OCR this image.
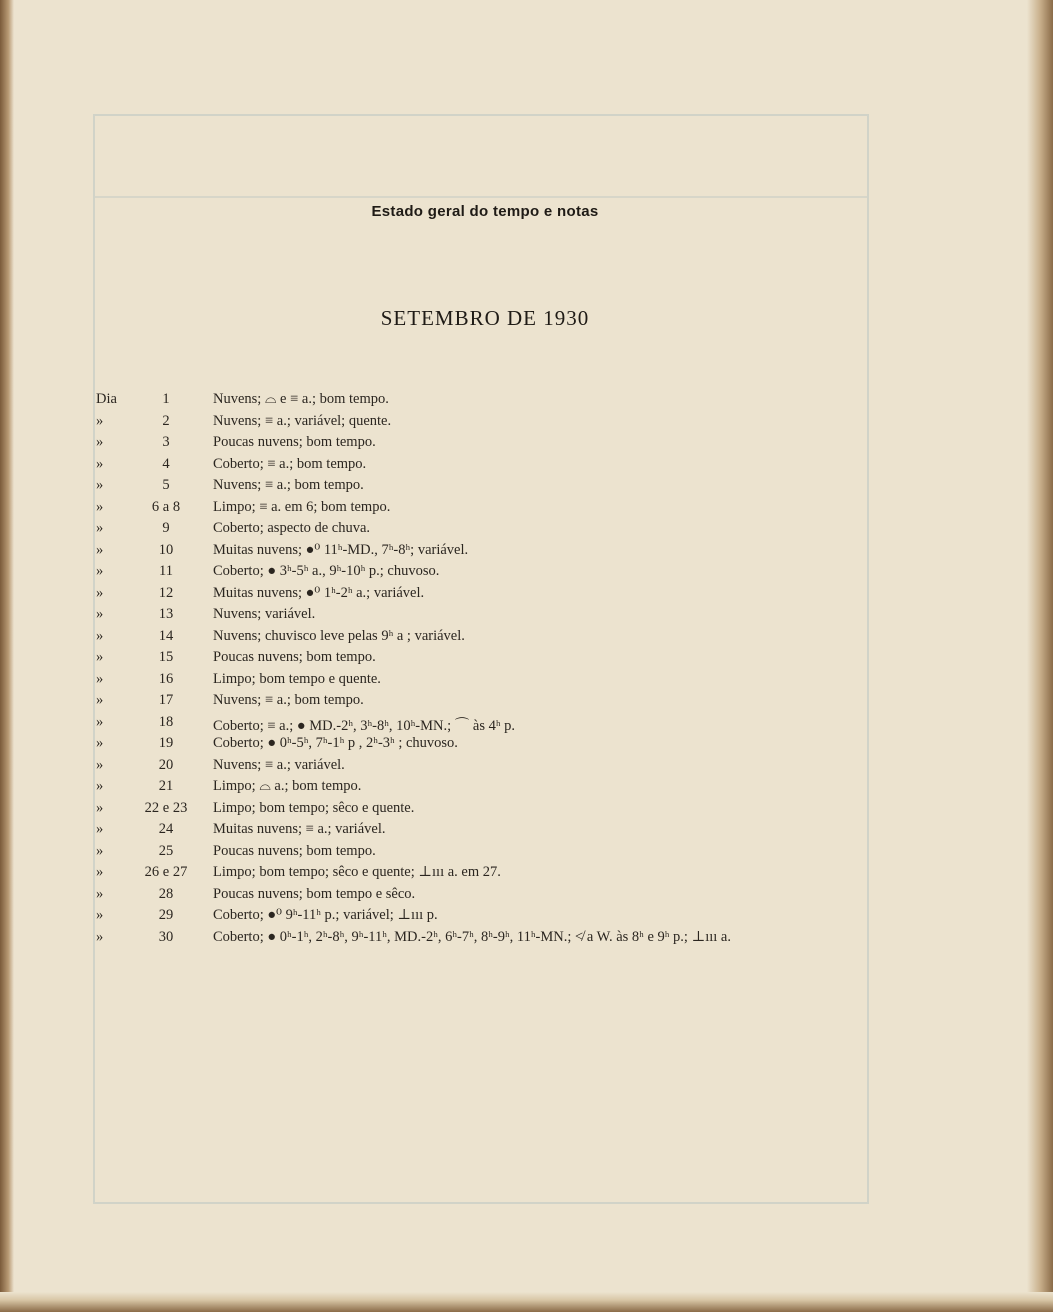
Estado geral do tempo e notas
SETEMBRO DE 1930
Dia	1	Nuvens; ⌓ e ≡ a.; bom tempo.
»	2	Nuvens; ≡ a.; variável; quente.
»	3	Poucas nuvens; bom tempo.
»	4	Coberto; ≡ a.; bom tempo.
»	5	Nuvens; ≡ a.; bom tempo.
»	6 a 8	Limpo; ≡ a. em 6; bom tempo.
»	9	Coberto; aspecto de chuva.
»	10	Muitas nuvens; ●⁰ 11ʰ-MD., 7ʰ-8ʰ; variável.
»	11	Coberto; ● 3ʰ-5ʰ a., 9ʰ-10ʰ p.; chuvoso.
»	12	Muitas nuvens; ●⁰ 1ʰ-2ʰ a.; variável.
»	13	Nuvens; variável.
»	14	Nuvens; chuvisco leve pelas 9ʰ a ; variável.
»	15	Poucas nuvens; bom tempo.
»	16	Limpo; bom tempo e quente.
»	17	Nuvens; ≡ a.; bom tempo.
»	18	Coberto; ≡ a.; ● MD.-2ʰ, 3ʰ-8ʰ, 10ʰ-MN.; ⌒ às 4ʰ p.
»	19	Coberto; ● 0ʰ-5ʰ, 7ʰ-1ʰ p , 2ʰ-3ʰ ; chuvoso.
»	20	Nuvens; ≡ a.; variável.
»	21	Limpo; ⌓ a.; bom tempo.
»	22 e 23	Limpo; bom tempo; sêco e quente.
»	24	Muitas nuvens; ≡ a.; variável.
»	25	Poucas nuvens; bom tempo.
»	26 e 27	Limpo; bom tempo; sêco e quente; ⊥ııı a. em 27.
»	28	Poucas nuvens; bom tempo e sêco.
»	29	Coberto; ●⁰ 9ʰ-11ʰ p.; variável; ⊥ııı p.
»	30	Coberto; ● 0ʰ-1ʰ, 2ʰ-8ʰ, 9ʰ-11ʰ, MD.-2ʰ, 6ʰ-7ʰ, 8ʰ-9ʰ, 11ʰ-MN.; ≮ a W. às 8ʰ e 9ʰ p.; ⊥ııı a.
